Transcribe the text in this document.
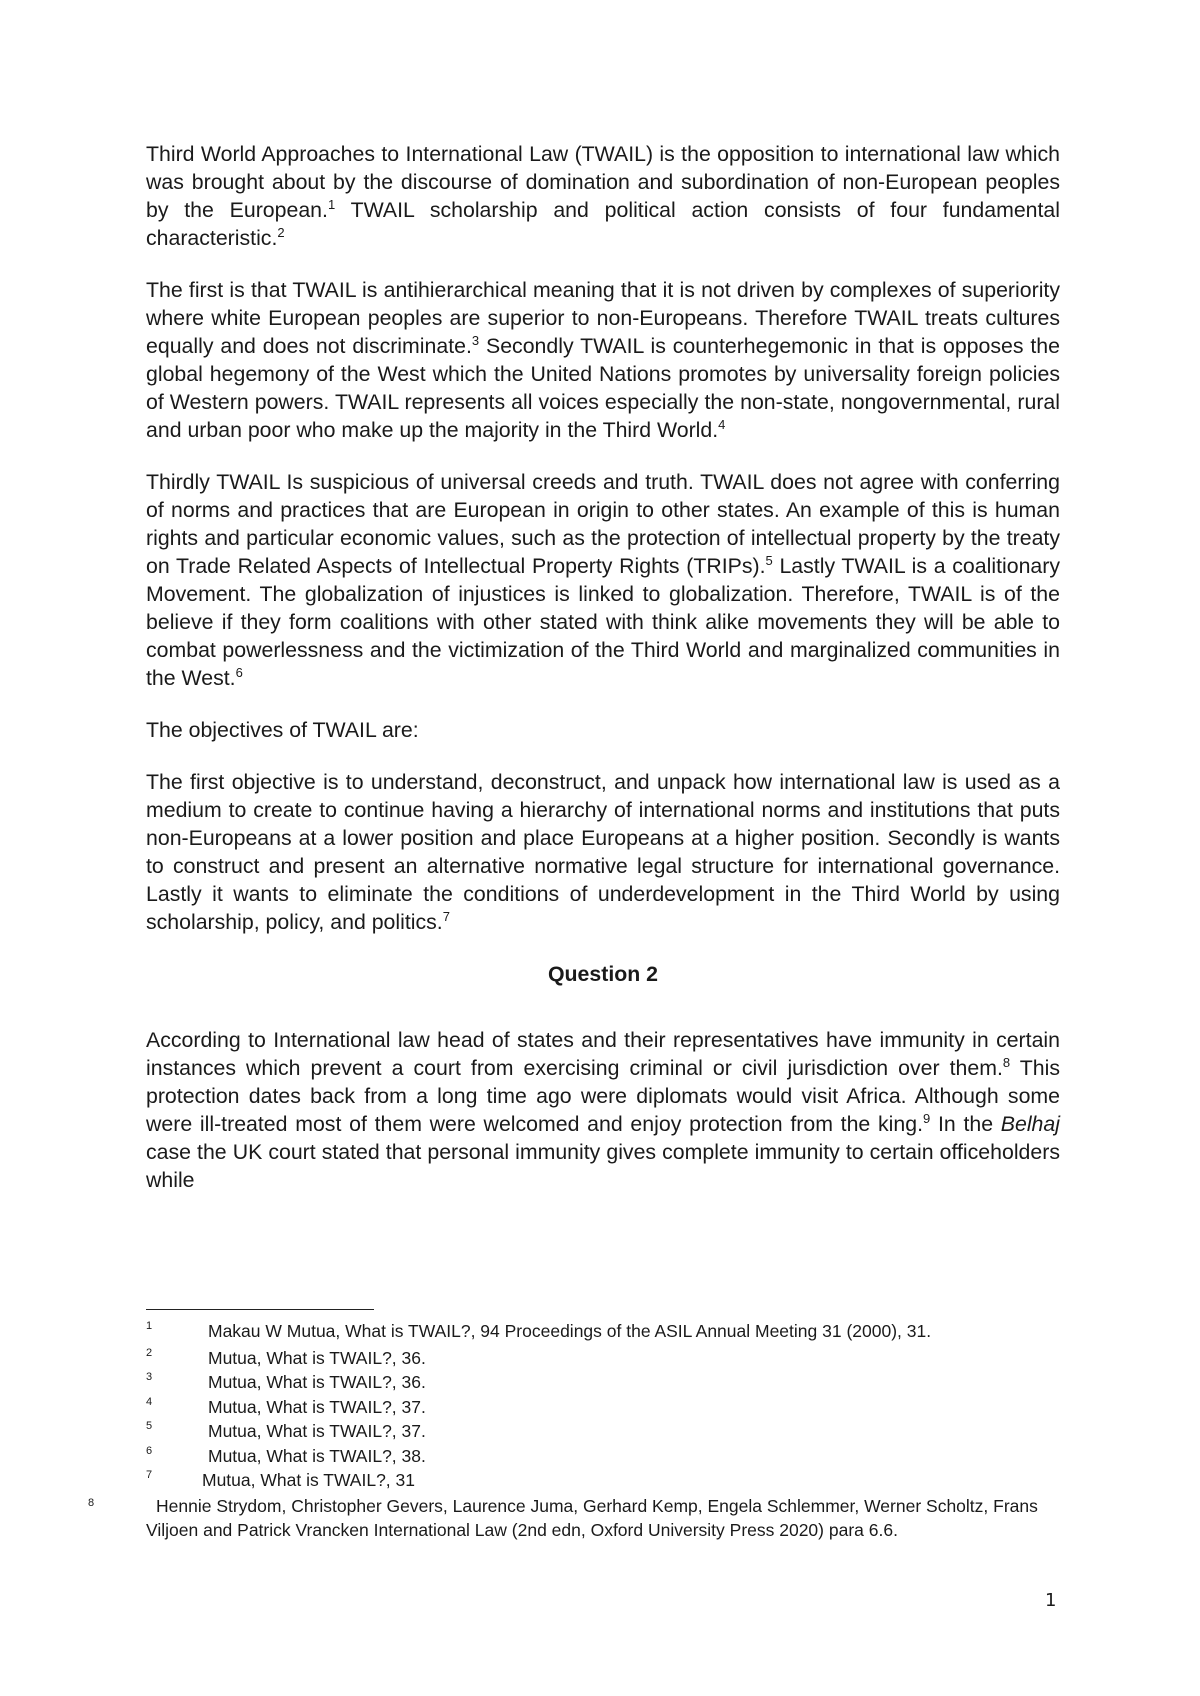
Third World Approaches to International Law (TWAIL) is the opposition to international law which was brought about by the discourse of domination and subordination of non-European peoples by the European.$^1$ TWAIL scholarship and political action consists of four fundamental characteristic.$^2$

The first is that TWAIL is antihierarchical meaning that it is not driven by complexes of superiority where white European peoples are superior to non-Europeans. Therefore TWAIL treats cultures equally and does not discriminate.$^3$ Secondly TWAIL is counterhegemonic in that is opposes the global hegemony of the West which the United Nations promotes by universality foreign policies of Western powers. TWAIL represents all voices especially the non-state, nongovernmental, rural and urban poor who make up the majority in the Third World.$^4$

Thirdly TWAIL Is suspicious of universal creeds and truth. TWAIL does not agree with conferring of norms and practices that are European in origin to other states. An example of this is human rights and particular economic values, such as the protection of intellectual property by the treaty on Trade Related Aspects of Intellectual Property Rights (TRIPs).$^5$ Lastly TWAIL is a coalitionary Movement. The globalization of injustices is linked to globalization. Therefore, TWAIL is of the believe if they form coalitions with other stated with think alike movements they will be able to combat powerlessness and the victimization of the Third World and marginalized communities in the West.$^6$

The objectives of TWAIL are:

The first objective is to understand, deconstruct, and unpack how international law is used as a medium to create to continue having a hierarchy of international norms and institutions that puts non-Europeans at a lower position and place Europeans at a higher position. Secondly is wants to construct and present an alternative normative legal structure for international governance. Lastly it wants to eliminate the conditions of underdevelopment in the Third World by using scholarship, policy, and politics.$^7$

Question 2

According to International law head of states and their representatives have immunity in certain instances which prevent a court from exercising criminal or civil jurisdiction over them.$^8$ This protection dates back from a long time ago were diplomats would visit Africa. Although some were ill-treated most of them were welcomed and enjoy protection from the king.$^9$ In the Belhaj case the UK court stated that personal immunity gives complete immunity to certain officeholders while

1	Makau W Mutua, What is TWAIL?, 94 Proceedings of the ASIL Annual Meeting 31 (2000), 31.
2	Mutua, What is TWAIL?, 36.
3	Mutua, What is TWAIL?, 36.
4	Mutua, What is TWAIL?, 37.
5	Mutua, What is TWAIL?, 37.
6	Mutua, What is TWAIL?, 38.
7	Mutua, What is TWAIL?, 31
8	Hennie Strydom, Christopher Gevers, Laurence Juma, Gerhard Kemp, Engela Schlemmer, Werner Scholtz, Frans Viljoen and Patrick Vrancken International Law (2nd edn, Oxford University Press 2020) para 6.6.
1
